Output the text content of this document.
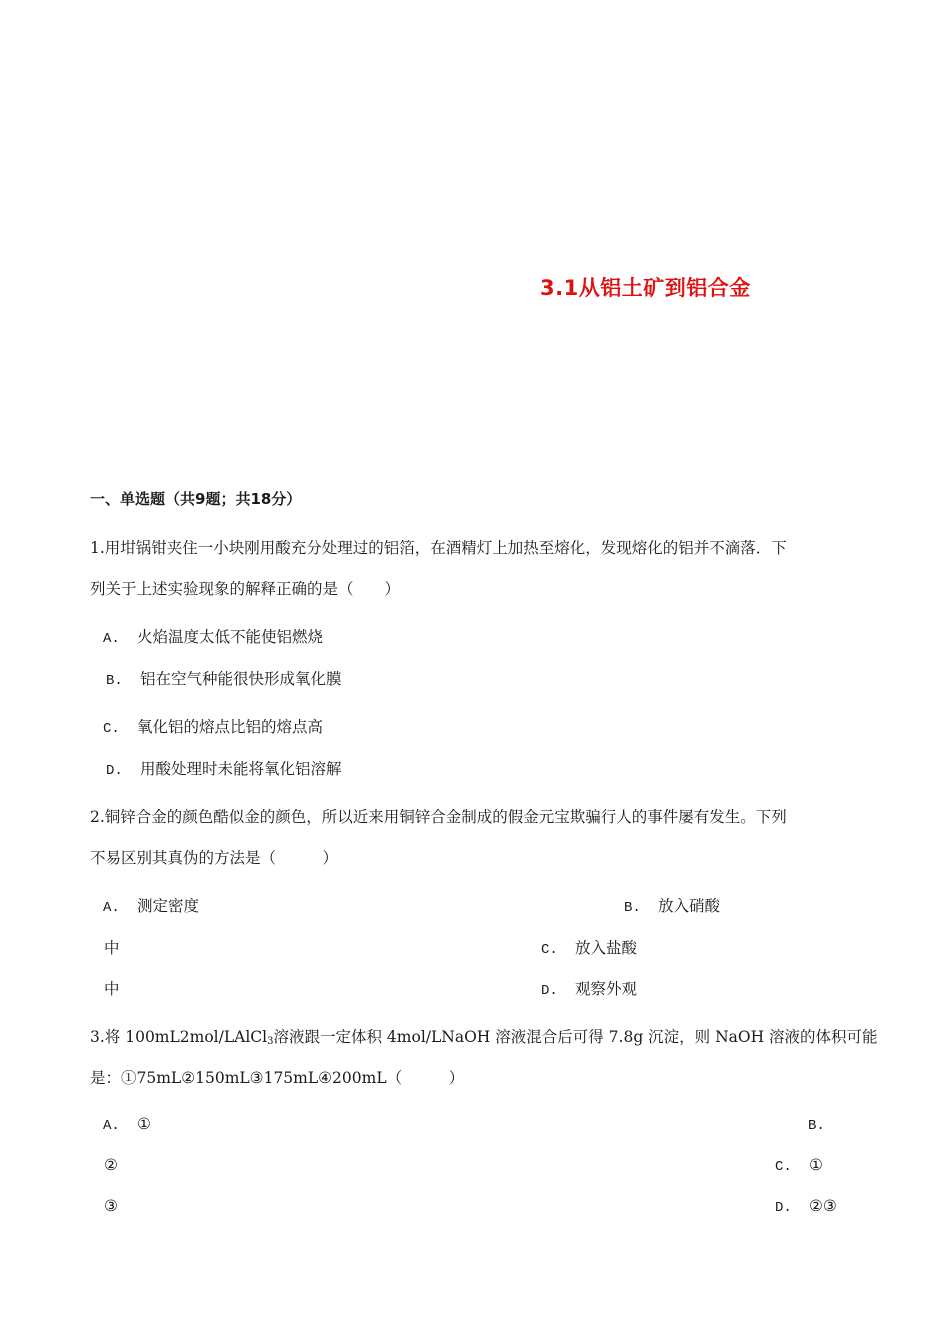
3.1从铝土矿到铝合金
一、单选题（共9题；共18分）
1.用坩锅钳夹住一小块刚用酸充分处理过的铝箔，在酒精灯上加热至熔化，发现熔化的铝并不滴落．下
列关于上述实验现象的解释正确的是（　　）
A. 火焰温度太低不能使铝燃烧
B. 铝在空气种能很快形成氧化膜
C. 氧化铝的熔点比铝的熔点高
D. 用酸处理时未能将氧化铝溶解
2.铜锌合金的颜色酷似金的颜色，所以近来用铜锌合金制成的假金元宝欺骗行人的事件屡有发生。下列
不易区别其真伪的方法是（　　　）
A. 测定密度	B. 放入硝酸
中	C. 放入盐酸
中	D. 观察外观
3.将 100mL2mol/LAlCl$_3$溶液跟一定体积 4mol/LNaOH 溶液混合后可得 7.8g 沉淀，则 NaOH 溶液的体积可能
是：①75mL②150mL③175mL④200mL（　　　）
A. ①	B.
②	C. ①
③	D. ②③
